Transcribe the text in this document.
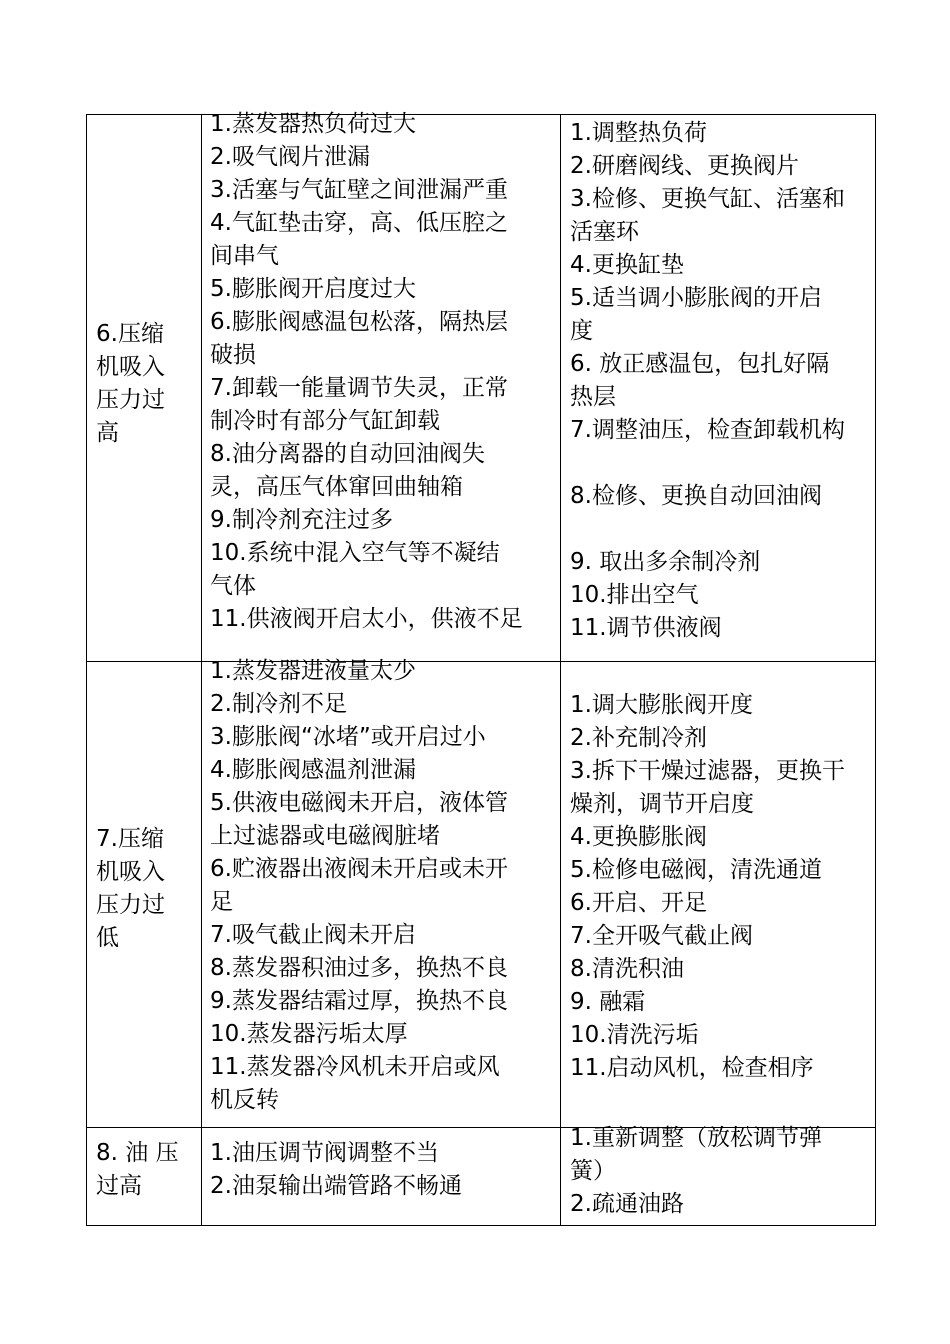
6.压缩
机吸入
压力过
高
1.蒸发器热负荷过大
2.吸气阀片泄漏
3.活塞与气缸壁之间泄漏严重
4.气缸垫击穿，高、低压腔之
间串气
5.膨胀阀开启度过大
6.膨胀阀感温包松落，隔热层
破损
7.卸载一能量调节失灵，正常
制冷时有部分气缸卸载
8.油分离器的自动回油阀失
灵，高压气体窜回曲轴箱
9.制冷剂充注过多
10.系统中混入空气等不凝结
气体
11.供液阀开启太小，供液不足
1.调整热负荷
2.研磨阀线、更换阀片
3.检修、更换气缸、活塞和
活塞环
4.更换缸垫
5.适当调小膨胀阀的开启
度
6. 放正感温包，包扎好隔
热层
7.调整油压，检查卸载机构
8.检修、更换自动回油阀
9. 取出多余制冷剂
10.排出空气
11.调节供液阀
7.压缩
机吸入
压力过
低
1.蒸发器进液量太少
2.制冷剂不足
3.膨胀阀“冰堵”或开启过小
4.膨胀阀感温剂泄漏
5.供液电磁阀未开启，液体管
上过滤器或电磁阀脏堵
6.贮液器出液阀未开启或未开
足
7.吸气截止阀未开启
8.蒸发器积油过多，换热不良
9.蒸发器结霜过厚，换热不良
10.蒸发器污垢太厚
11.蒸发器冷风机未开启或风
机反转
1.调大膨胀阀开度
2.补充制冷剂
3.拆下干燥过滤器，更换干
燥剂，调节开启度
4.更换膨胀阀
5.检修电磁阀，清洗通道
6.开启、开足
7.全开吸气截止阀
8.清洗积油
9. 融霜
10.清洗污垢
11.启动风机，检查相序
8. 油 压
过高
1.油压调节阀调整不当
2.油泵输出端管路不畅通
1.重新调整（放松调节弹
簧）
2.疏通油路
